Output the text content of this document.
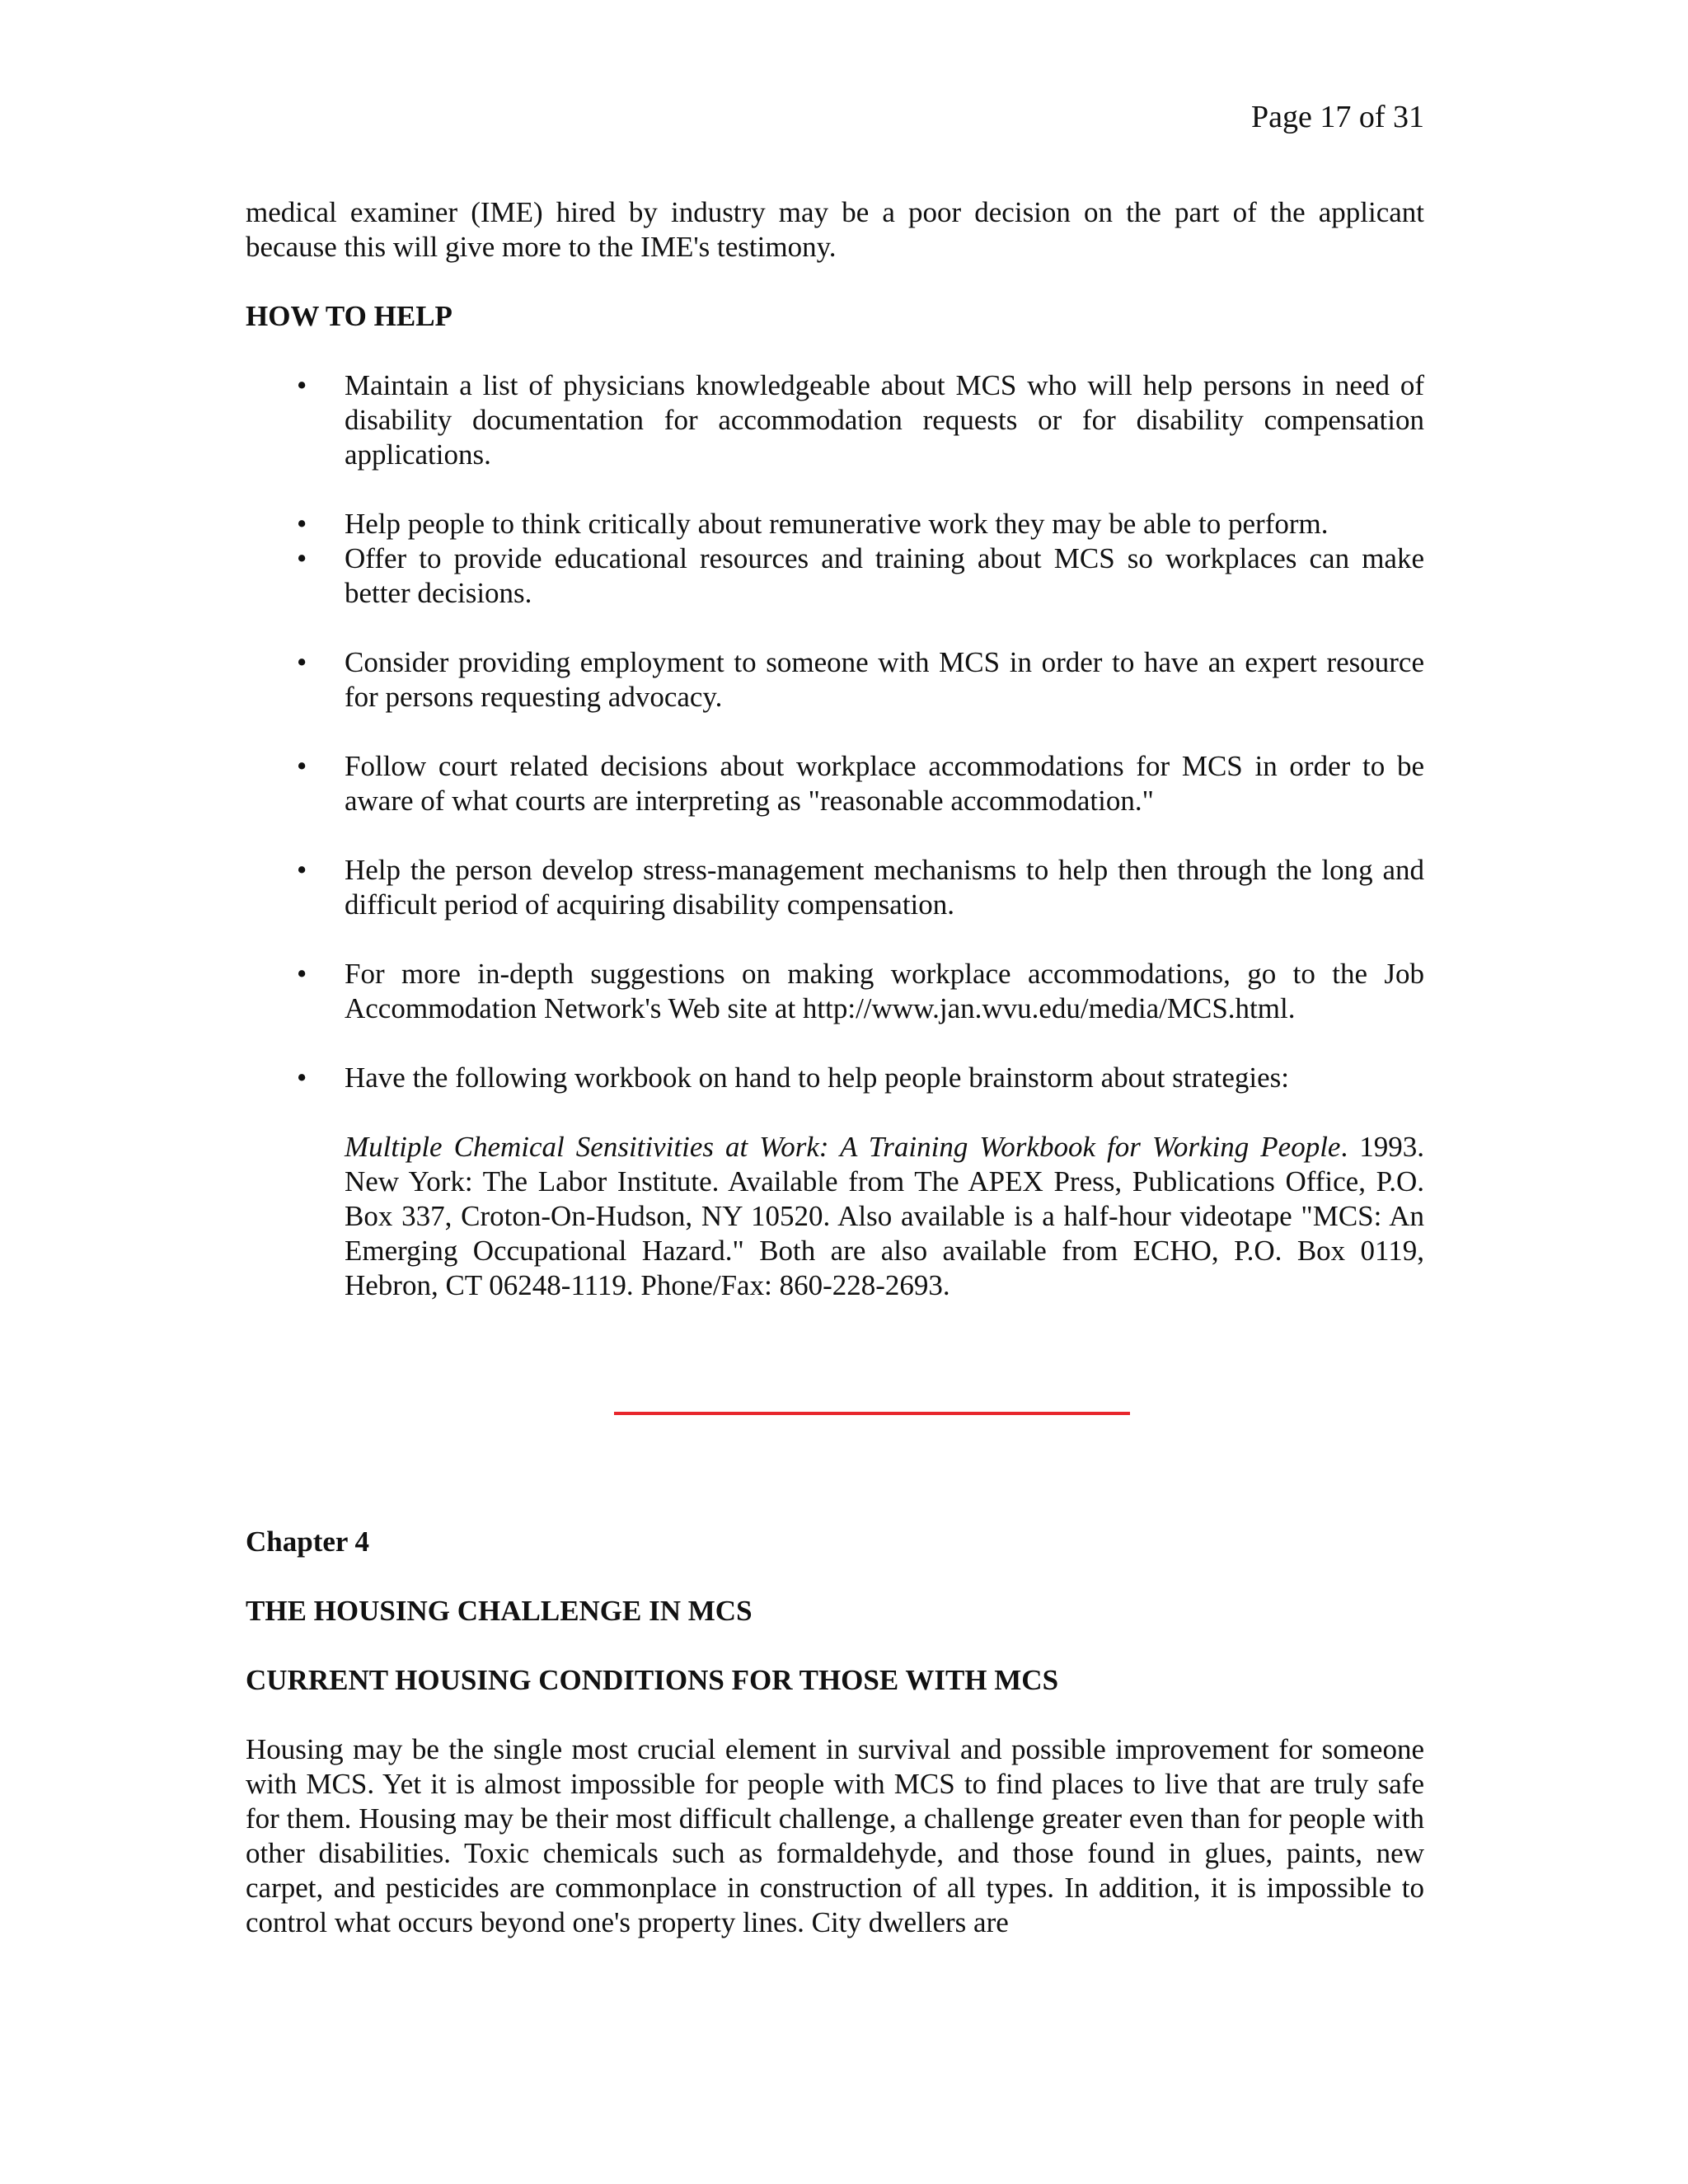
Page 17 of 31

medical examiner (IME) hired by industry may be a poor decision on the part of the applicant because this will give more to the IME's testimony.

HOW TO HELP

• Maintain a list of physicians knowledgeable about MCS who will help persons in need of disability documentation for accommodation requests or for disability compensation applications.
• Help people to think critically about remunerative work they may be able to perform.
• Offer to provide educational resources and training about MCS so workplaces can make better decisions.
• Consider providing employment to someone with MCS in order to have an expert resource for persons requesting advocacy.
• Follow court related decisions about workplace accommodations for MCS in order to be aware of what courts are interpreting as "reasonable accommodation."
• Help the person develop stress-management mechanisms to help then through the long and difficult period of acquiring disability compensation.
• For more in-depth suggestions on making workplace accommodations, go to the Job Accommodation Network's Web site at http://www.jan.wvu.edu/media/MCS.html.
• Have the following workbook on hand to help people brainstorm about strategies:

Multiple Chemical Sensitivities at Work: A Training Workbook for Working People. 1993. New York: The Labor Institute. Available from The APEX Press, Publications Office, P.O. Box 337, Croton-On-Hudson, NY 10520. Also available is a half-hour videotape "MCS: An Emerging Occupational Hazard." Both are also available from ECHO, P.O. Box 0119, Hebron, CT 06248-1119. Phone/Fax: 860-228-2693.

Chapter 4

THE HOUSING CHALLENGE IN MCS

CURRENT HOUSING CONDITIONS FOR THOSE WITH MCS

Housing may be the single most crucial element in survival and possible improvement for someone with MCS. Yet it is almost impossible for people with MCS to find places to live that are truly safe for them. Housing may be their most difficult challenge, a challenge greater even than for people with other disabilities. Toxic chemicals such as formaldehyde, and those found in glues, paints, new carpet, and pesticides are commonplace in construction of all types. In addition, it is impossible to control what occurs beyond one's property lines. City dwellers are
